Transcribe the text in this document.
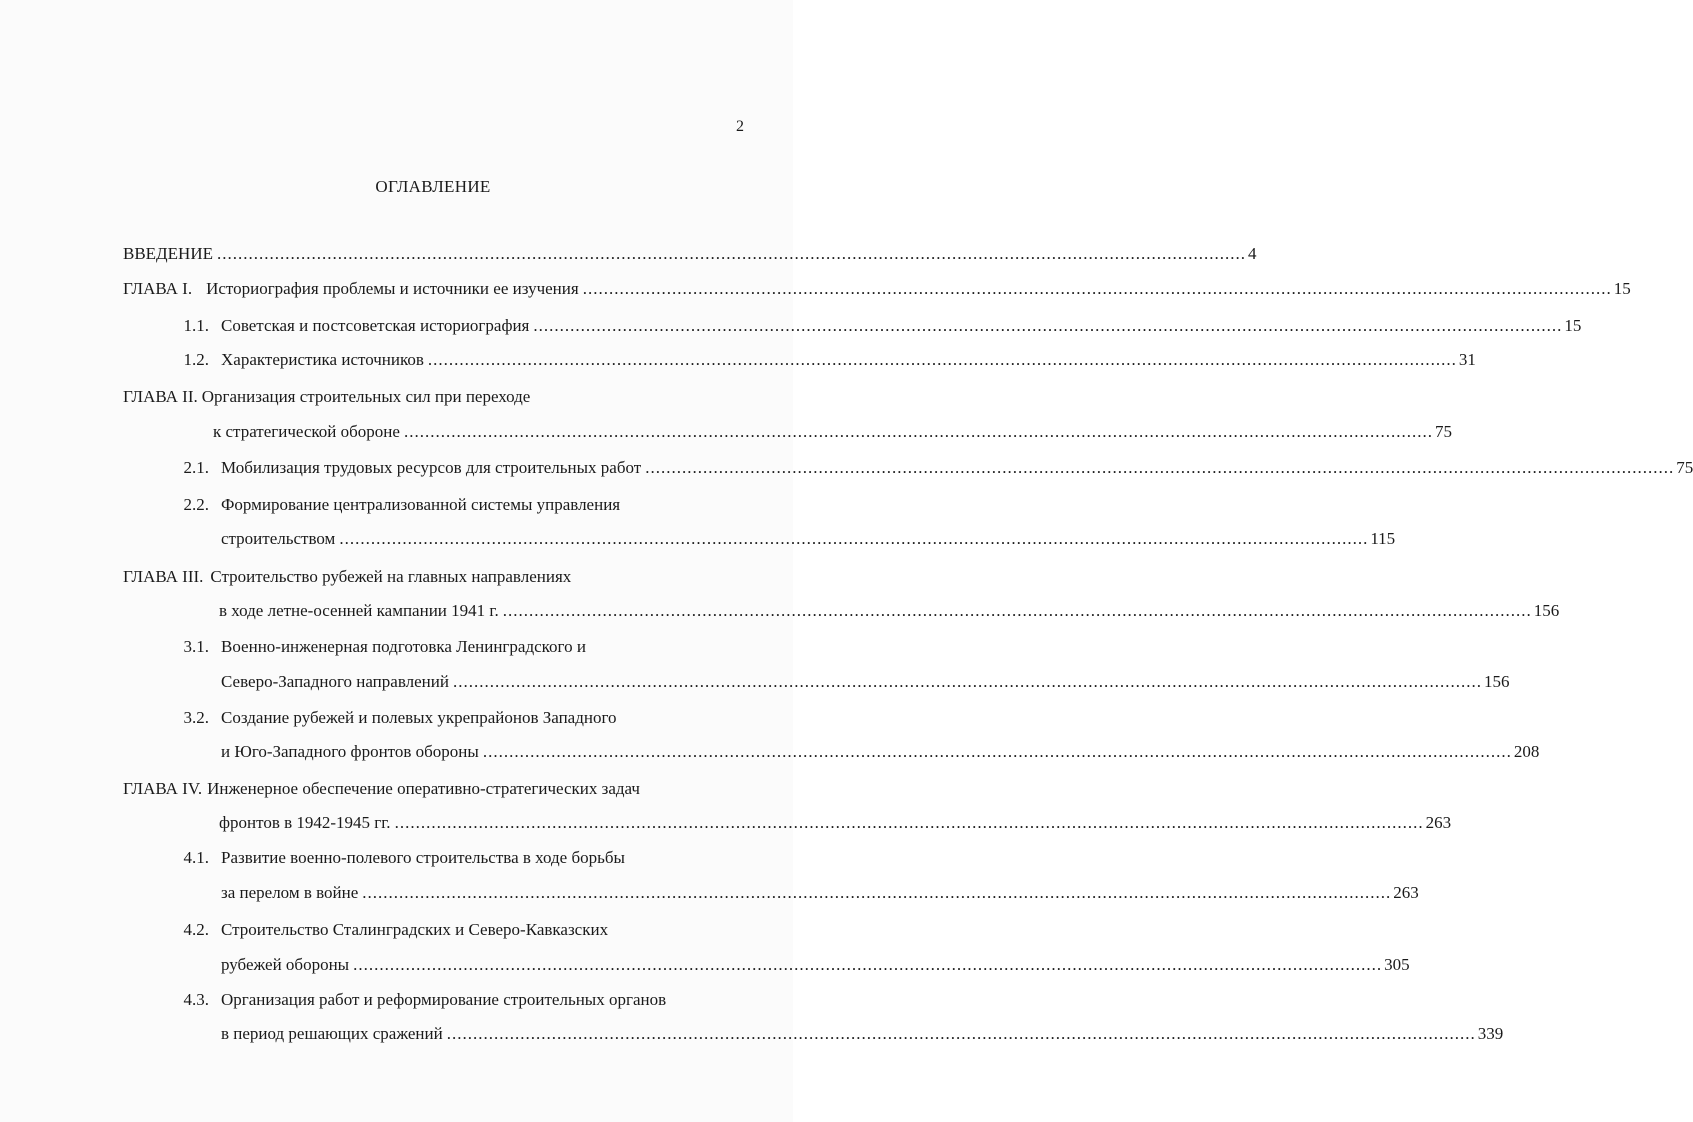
2
ОГЛАВЛЕНИЕ
ВВЕДЕНИЕ .................................................................................................................................................................................................... 4
ГЛАВА I. Историография проблемы и источники ее изучения .................................................................................................................................................................................................... 15
1.1. Советская и постсоветская историография .................................................................................................................................................................................................... 15
1.2. Характеристика источников .................................................................................................................................................................................................... 31
ГЛАВА II. Организация строительных сил при переходе
к стратегической обороне .................................................................................................................................................................................................... 75
2.1. Мобилизация трудовых ресурсов для строительных работ .................................................................................................................................................................................................... 75
2.2. Формирование централизованной системы управления
строительством .................................................................................................................................................................................................... 115
ГЛАВА III. Строительство рубежей на главных направлениях
в ходе летне-осенней кампании 1941 г. .................................................................................................................................................................................................... 156
3.1. Военно-инженерная подготовка Ленинградского и
Северо-Западного направлений .................................................................................................................................................................................................... 156
3.2. Создание рубежей и полевых укрепрайонов Западного
и Юго-Западного фронтов обороны .................................................................................................................................................................................................... 208
ГЛАВА IV. Инженерное обеспечение оперативно-стратегических задач
фронтов в 1942-1945 гг. .................................................................................................................................................................................................... 263
4.1. Развитие военно-полевого строительства в ходе борьбы
за перелом в войне .................................................................................................................................................................................................... 263
4.2. Строительство Сталинградских и Северо-Кавказских
рубежей обороны .................................................................................................................................................................................................... 305
4.3. Организация работ и реформирование строительных органов
в период решающих сражений .................................................................................................................................................................................................... 339
